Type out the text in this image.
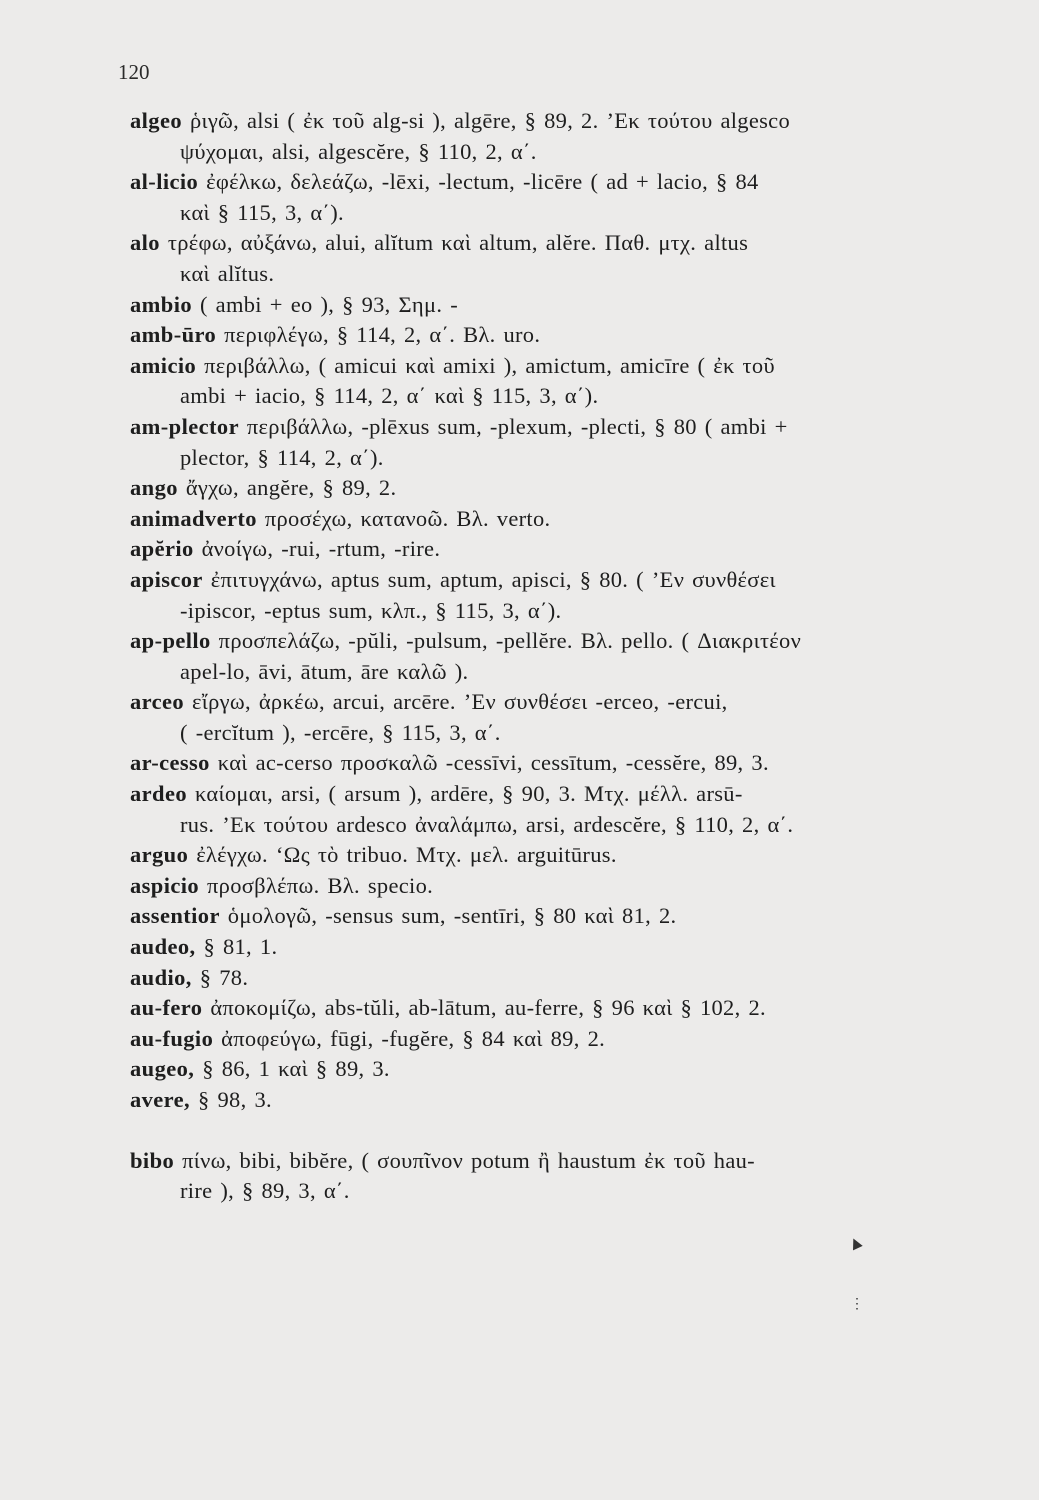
120
algeo ῥιγῶ, alsi ( ἐκ τοῦ alg-si ), algēre, § 89, 2. ’Εκ τούτου algesco
ψύχομαι, alsi, algescĕre, § 110, 2, α΄.
al-licio ἐφέλκω, δελεάζω, -lēxi, -lectum, -licēre ( ad + lacio, § 84
καὶ § 115, 3, α΄).
alo τρέφω, αὐξάνω, alui, alĭtum καὶ altum, alĕre. Παθ. μτχ. altus
καὶ alĭtus.
ambio ( ambi + eo ), § 93, Σημ. -
amb-ūro περιφλέγω, § 114, 2, α΄. Βλ. uro.
amicio περιβάλλω, ( amicui καὶ amixi ), amictum, amicīre ( ἐκ τοῦ
ambi + iacio, § 114, 2, α΄ καὶ § 115, 3, α΄).
am-plector περιβάλλω, -plēxus sum, -plexum, -plecti, § 80 ( ambi +
plector, § 114, 2, α΄).
ango ἄγχω, angĕre, § 89, 2.
animadverto προσέχω, κατανοῶ. Βλ. verto.
apĕrio ἀνοίγω, -rui, -rtum, -rire.
apiscor ἐπιτυγχάνω, aptus sum, aptum, apisci, § 80. ( ’Εν συνθέσει
-ipiscor, -eptus sum, κλπ., § 115, 3, α΄).
ap-pello προσπελάζω, -pŭli, -pulsum, -pellĕre. Βλ. pello. ( Διακριτέον
apel-lo, āvi, ātum, āre καλῶ ).
arceo εἴργω, ἀρκέω, arcui, arcēre. ’Εν συνθέσει -erceo, -ercui,
( -ercĭtum ), -ercēre, § 115, 3, α΄.
ar-cesso καὶ ac-cerso προσκαλῶ -cessīvi, cessītum, -cessĕre, 89, 3.
ardeo καίομαι, arsi, ( arsum ), ardēre, § 90, 3. Μτχ. μέλλ. arsū-
rus. ’Εκ τούτου ardesco ἀναλάμπω, arsi, ardescĕre, § 110, 2, α΄.
arguo ἐλέγχω. ‘Ως τὸ tribuo. Μτχ. μελ. arguitūrus.
aspicio προσβλέπω. Βλ. specio.
assentior ὁμολογῶ, -sensus sum, -sentīri, § 80 καὶ 81, 2.
audeo, § 81, 1.
audio, § 78.
au-fero ἀποκομίζω, abs-tŭli, ab-lātum, au-ferre, § 96 καὶ § 102, 2.
au-fugio ἀποφεύγω, fūgi, -fugĕre, § 84 καὶ 89, 2.
augeo, § 86, 1 καὶ § 89, 3.
avere, § 98, 3.
bibo πίνω, bibi, bibĕre, ( σουπῖνον potum ἢ haustum ἐκ τοῦ hau-
rire ), § 89, 3, α΄.
▲
⋮
